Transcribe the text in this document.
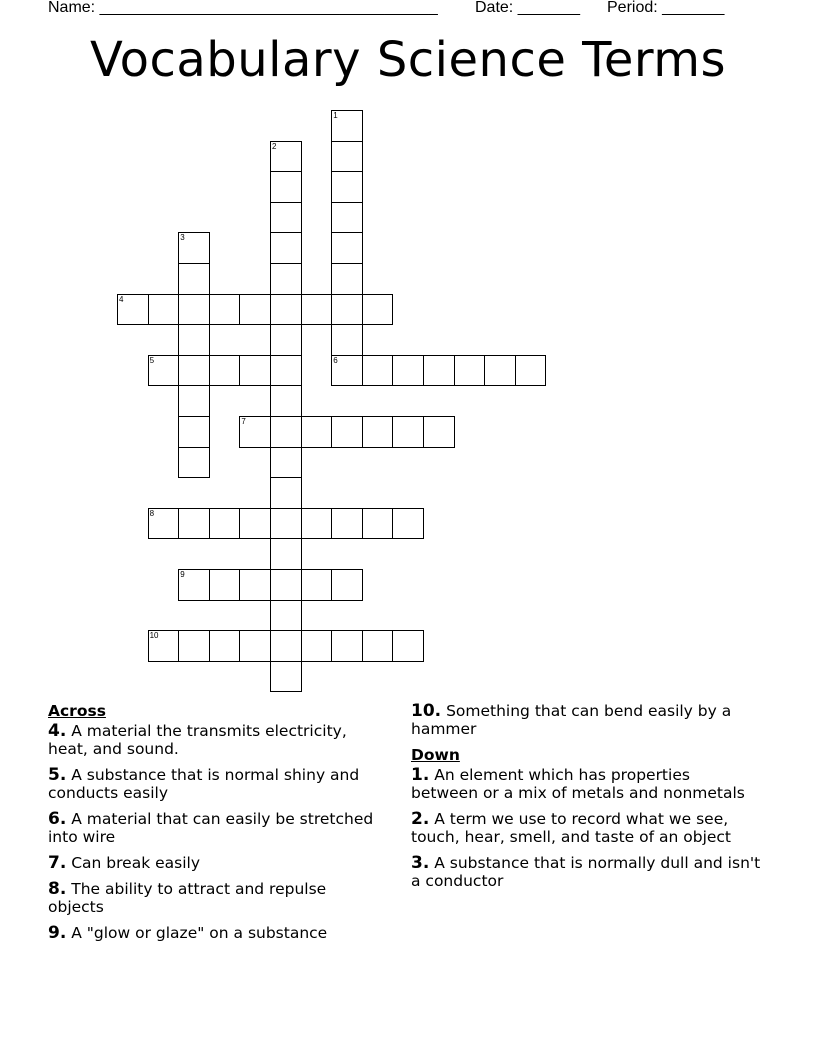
Name: ______________________________________ Date: _______ Period: _______
Vocabulary Science Terms
1
2
3
4
5	6
7
8
9
10
Across
4. A material the transmits electricity, heat, and sound.
5. A substance that is normal shiny and conducts easily
6. A material that can easily be stretched into wire
7. Can break easily
8. The ability to attract and repulse objects
9. A "glow or glaze" on a substance
10. Something that can bend easily by a hammer
Down
1. An element which has properties between or a mix of metals and nonmetals
2. A term we use to record what we see, touch, hear, smell, and taste of an object
3. A substance that is normally dull and isn't a conductor
